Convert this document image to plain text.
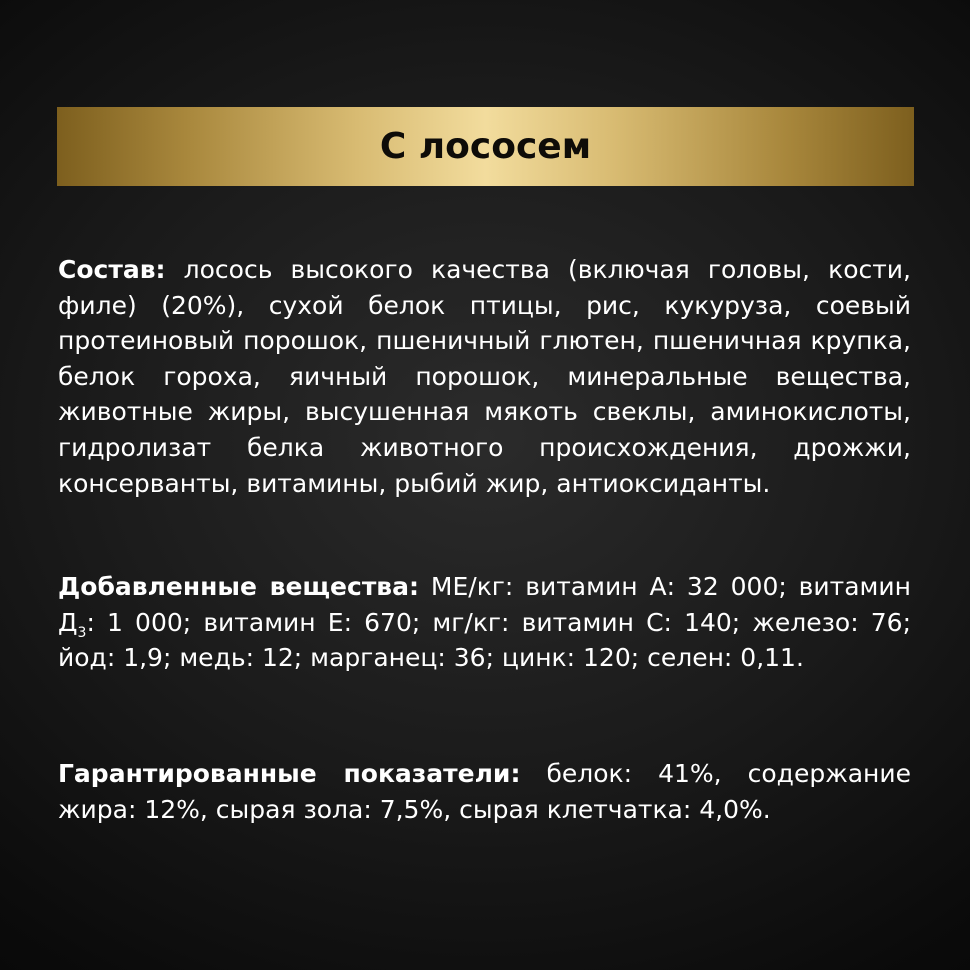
С лососем

Состав: лосось высокого качества (включая головы, кости, филе) (20%), сухой белок птицы, рис, кукуруза, соевый протеиновый порошок, пшеничный глютен, пшеничная крупка, белок гороха, яичный порошок, минеральные вещества, животные жиры, высушенная мякоть свеклы, аминокислоты, гидролизат белка животного происхождения, дрожжи, консерванты, витамины, рыбий жир, антиоксиданты.

Добавленные вещества: МЕ/кг: витамин А: 32 000; витамин $Д_3$: 1 000; витамин Е: 670; мг/кг: витамин С: 140; железо: 76; йод: 1,9; медь: 12; марганец: 36; цинк: 120; селен: 0,11.

Гарантированные показатели: белок: 41%, содержание жира: 12%, сырая зола: 7,5%, сырая клетчатка: 4,0%.
